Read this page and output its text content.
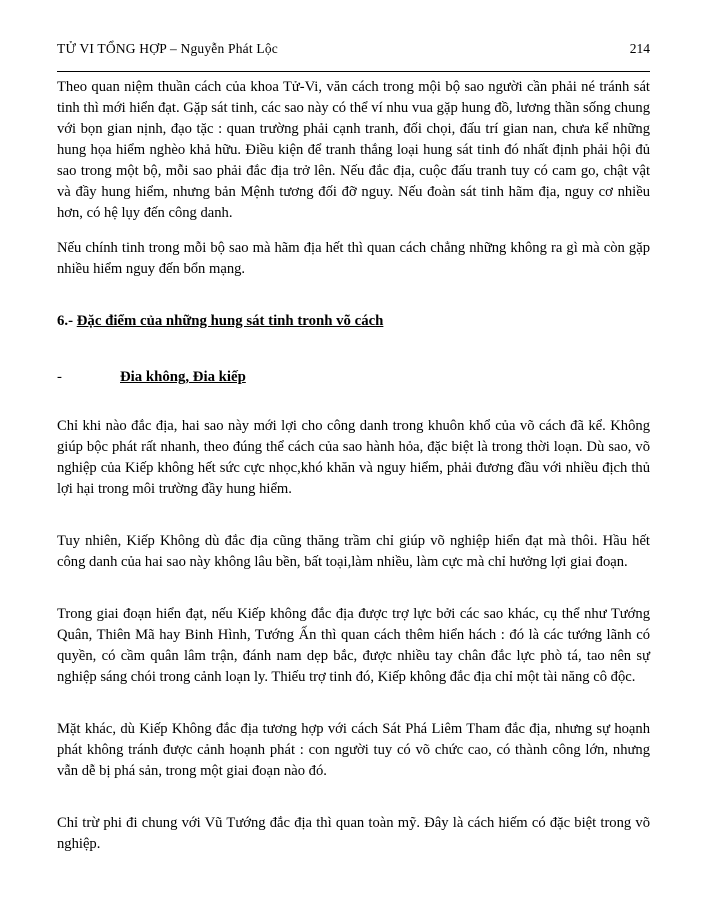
TỬ VI TỔNG HỢP – Nguyễn Phát Lộc	214

Theo quan niệm thuần cách của khoa Tử-Vi, văn cách trong mội bộ sao người cần phải né tránh sát tinh thì mới hiển đạt. Gặp sát tinh, các sao này có thể ví nhu vua gặp hung đồ, lương thần sống chung với bọn gian nịnh, đạo tặc : quan trường phải cạnh tranh, đối chọi, đấu trí gian nan, chưa kể những hung họa hiểm nghèo khả hữu. Điều kiện để tranh thắng loại hung sát tinh đó nhất định phải hội đủ sao trong một bộ, mỗi sao phải đắc địa trở lên. Nếu đắc địa, cuộc đấu tranh tuy có cam go, chật vật và đầy hung hiểm, nhưng bản Mệnh tương đối đỡ nguy. Nếu đoàn sát tinh hãm địa, nguy cơ nhiều hơn, có hệ lụy đến công danh.

Nếu chính tinh trong mỗi bộ sao mà hãm địa hết thì quan cách chẳng những không ra gì mà còn gặp nhiều hiểm nguy đến bổn mạng.

6.- Đặc điểm của những hung sát tinh tronh võ cách
-	Đia không, Đia kiếp

Chỉ khi nào đắc địa, hai sao này mới lợi cho công danh trong khuôn khổ của võ cách đã kể. Không giúp bộc phát rất nhanh, theo đúng thể cách của sao hành hỏa, đặc biệt là trong thời loạn. Dù sao, võ nghiệp của Kiếp không hết sức cực nhọc,khó khăn và nguy hiểm, phải đương đầu với nhiều địch thủ lợi hại trong môi trường đầy hung hiểm.

Tuy nhiên, Kiếp Không dù đắc địa cũng thăng trầm chỉ giúp võ nghiệp hiển đạt mà thôi. Hầu hết công danh của hai sao này không lâu bền, bất toại,làm nhiều, làm cực mà chỉ hưởng lợi giai đoạn.

Trong giai đoạn hiển đạt, nếu Kiếp không đắc địa được trợ lực bởi các sao khác, cụ thể như Tướng Quân, Thiên Mã hay Binh Hình, Tướng Ấn thì quan cách thêm hiển hách : đó là các tướng lãnh có quyền, có cầm quân lâm trận, đánh nam dẹp bắc, được nhiều tay chân đắc lực phò tá, tao nên sự nghiệp sáng chói trong cảnh loạn ly. Thiếu trợ tinh đó, Kiếp không đắc địa chỉ một tài năng cô độc.

Mặt khác, dù Kiếp Không đắc địa tương hợp với cách Sát Phá Liêm Tham đắc địa, nhưng sự hoạnh phát không tránh được cảnh hoạnh phát : con người tuy có võ chức cao, có thành công lớn, nhưng vẫn dễ bị phá sản, trong một giai đoạn nào đó.

Chỉ trừ phi đi chung với Vũ Tướng đắc địa thì quan toàn mỹ. Đây là cách hiếm có đặc biệt trong võ nghiệp.
